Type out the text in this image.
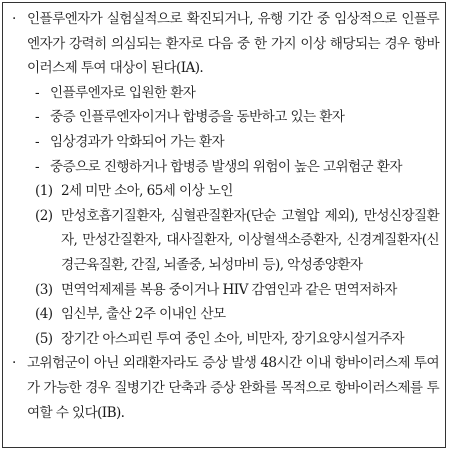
· 인플루엔자가 실험실적으로 확진되거나, 유행 기간 중 임상적으로 인플루엔자가 강력히 의심되는 환자로 다음 중 한 가지 이상 해당되는 경우 항바이러스제 투여 대상이 된다(IA).
- 인플루엔자로 입원한 환자
- 중증 인플루엔자이거나 합병증을 동반하고 있는 환자
- 임상경과가 악화되어 가는 환자
- 중증으로 진행하거나 합병증 발생의 위험이 높은 고위험군 환자
(1) 2세 미만 소아, 65세 이상 노인
(2) 만성호흡기질환자, 심혈관질환자(단순 고혈압 제외), 만성신장질환자, 만성간질환자, 대사질환자, 이상혈색소증환자, 신경계질환자(신경근육질환, 간질, 뇌졸중, 뇌성마비 등), 악성종양환자
(3) 면역억제제를 복용 중이거나 HIV 감염인과 같은 면역저하자
(4) 임신부, 출산 2주 이내인 산모
(5) 장기간 아스피린 투여 중인 소아, 비만자, 장기요양시설거주자
· 고위험군이 아닌 외래환자라도 증상 발생 48시간 이내 항바이러스제 투여가 가능한 경우 질병기간 단축과 증상 완화를 목적으로 항바이러스제를 투여할 수 있다(IB).
